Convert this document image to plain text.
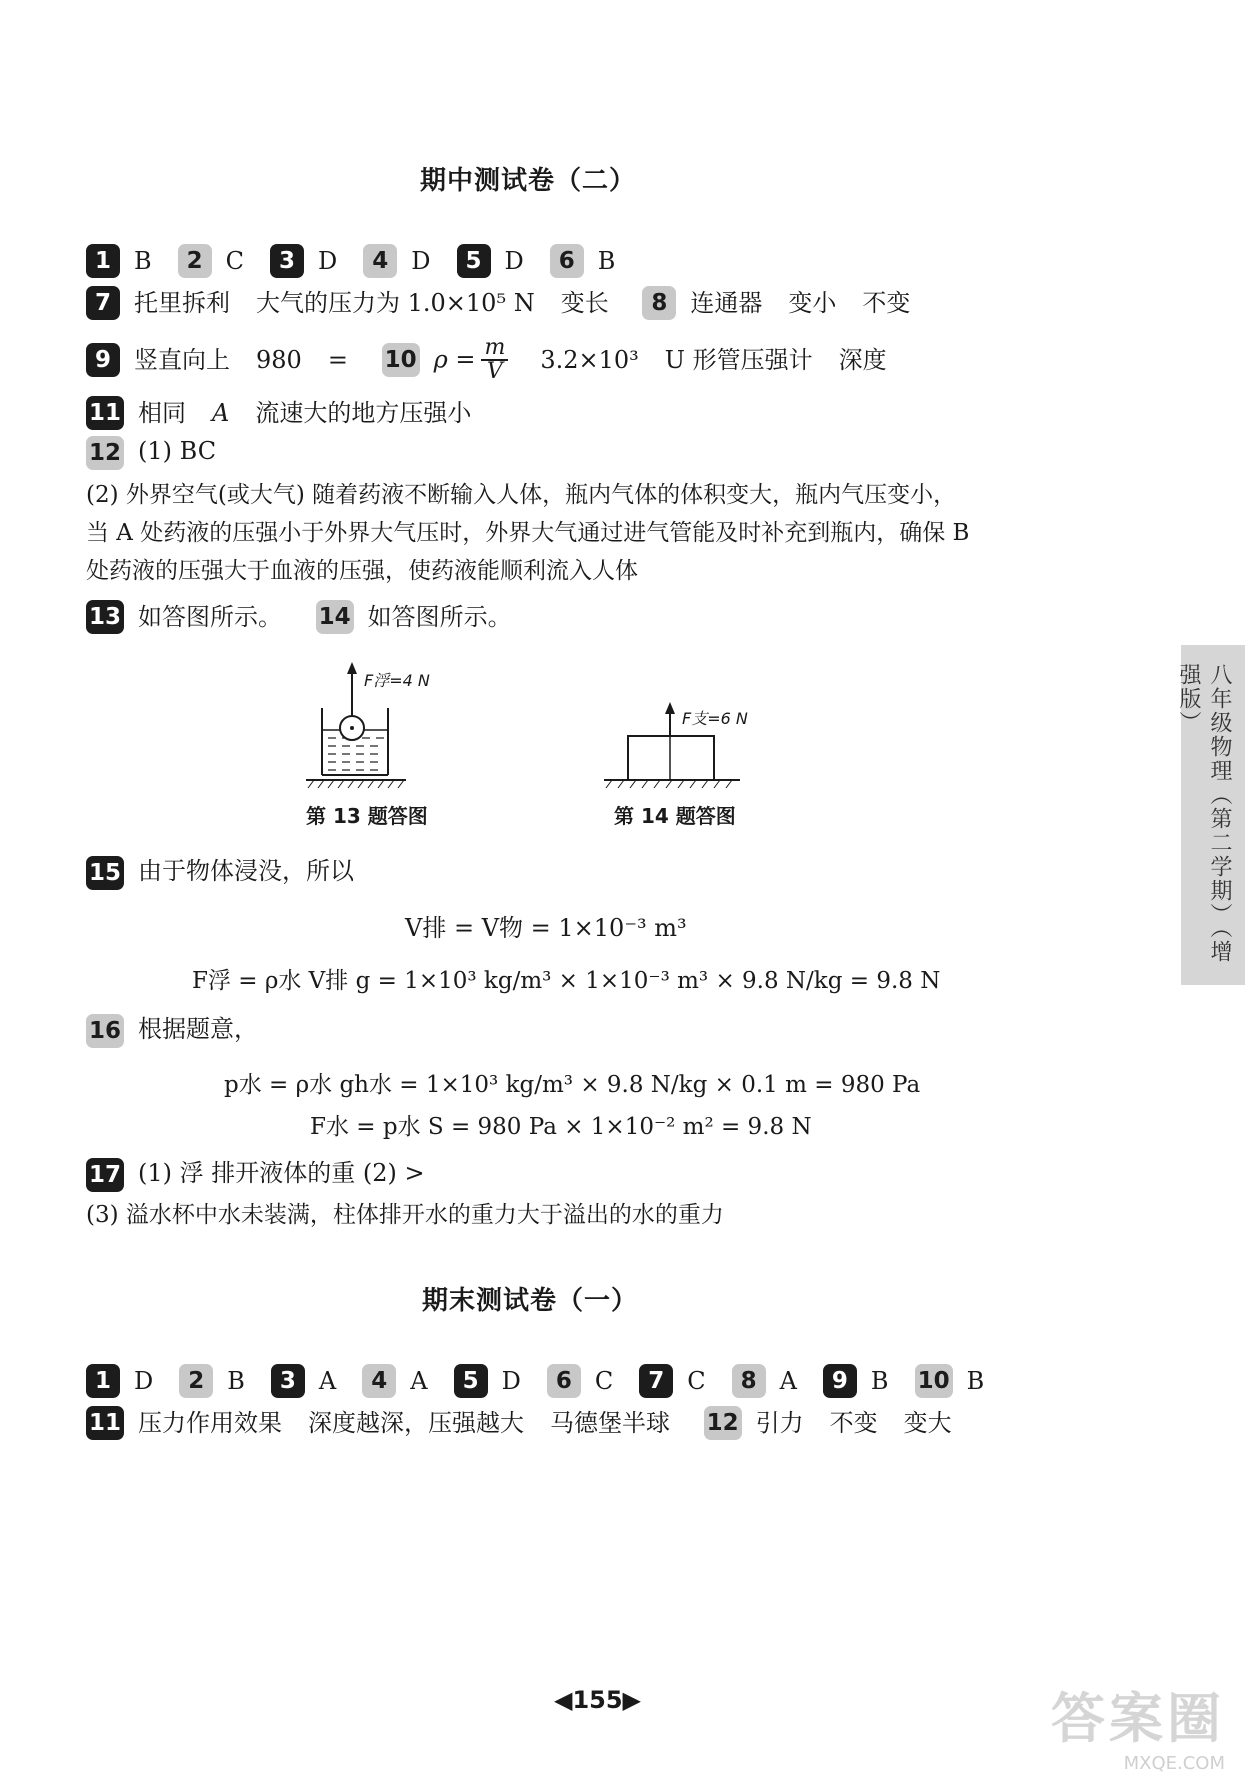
期中测试卷（二）
1 B 2 C 3 D 4 D 5 D 6 B
7 托里拆利 大气的压力为 1.0×10⁵ N 变长 8 连通器 变小 不变
9 竖直向上 980 = 10 $\rho = \frac{m}{V} 3.2\times 10^3$ U 形管压强计 深度
11 相同 A 流速大的地方压强小
12 (1) BC
(2) 外界空气(或大气) 随着药液不断输入人体，瓶内气体的体积变大，瓶内气压变小，
当 A 处药液的压强小于外界大气压时，外界大气通过进气管能及时补充到瓶内，确保 B
处药液的压强大于血液的压强，使药液能顺利流入人体
13 如答图所示。 14 如答图所示。
F浮=4 N
第 13 题答图
F支=6 N
第 14 题答图
15 由于物体浸没，所以
V排 = V物 = 1×10⁻³ m³
F浮 = ρ水 V排 g = 1×10³ kg/m³ × 1×10⁻³ m³ × 9.8 N/kg = 9.8 N
16 根据题意，
p水 = ρ水 gh水 = 1×10³ kg/m³ × 9.8 N/kg × 0.1 m = 980 Pa
F水 = p水 S = 980 Pa × 1×10⁻² m² = 9.8 N
17 (1) 浮 排开液体的重 (2) >
(3) 溢水杯中水未装满，柱体排开水的重力大于溢出的水的重力
期末测试卷（一）
1 D 2 B 3 A 4 A 5 D 6 C 7 C 8 A 9 B 10 B
11 压力作用效果 深度越深，压强越大 马德堡半球 12 引力 不变 变大
八年级物理（第二学期）（增强版）
◀155▶	答案圈
MXQE.COM
